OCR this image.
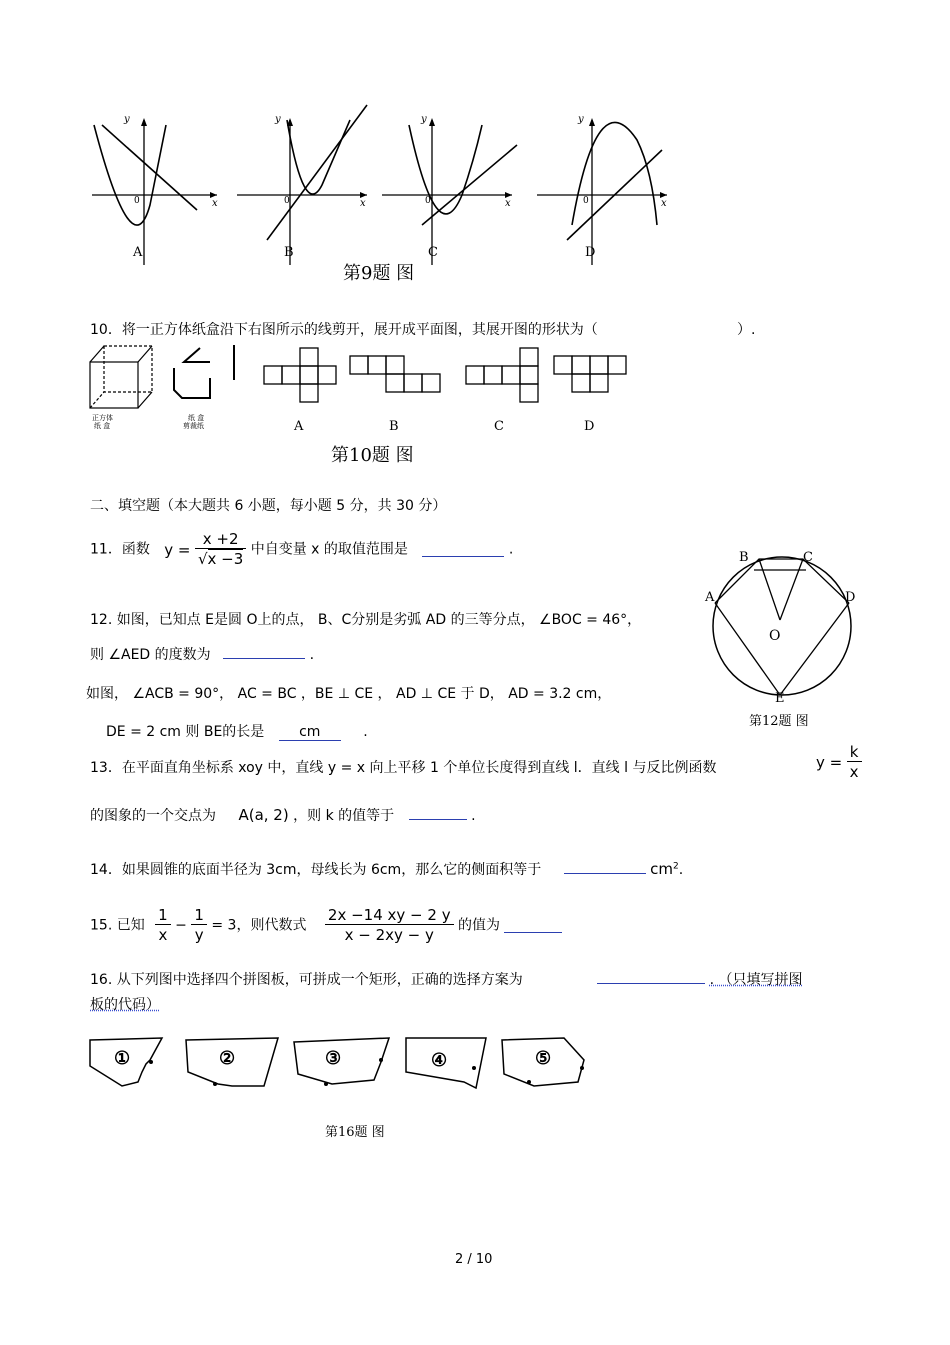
y
x
0
y
x
0
y
x
0
y
x
0
A	B	C	D
第9题 图
10．将一正方体纸盒沿下右图所示的线剪开，展开成平面图，其展开图的形状为（	）.
正方体
纸 盒
纸 盒
剪裁纸	A	B	C	D
第10题 图
二、填空题（本大题共 6 小题，每小题 5 分，共 30 分）
11．函数 $y = \frac{x +2}{√x -3}$ 中自变量 x 的取值范围是	.
12. 如图，已知点 E是圆 O上的点， B、C分别是劣弧 AD 的三等分点， ∠BOC = 46°，
则 ∠AED 的度数为	.
B	C
A	D
O
E
第12题 图
如图， ∠ACB = 90°， AC = BC ，BE ⊥ CE ， AD ⊥ CE 于 D， AD = 3.2 cm，
DE = 2 cm 则 BE的长是 cm	.
13．在平面直角坐标系 xoy 中，直线 y = x 向上平移 1 个单位长度得到直线 l．直线 l 与反比例函数	$y = \frac{k}{x}$
的图象的一个交点为 A(a, 2) ，则 k 的值等于	.
14．如果圆锥的底面半径为 3cm，母线长为 6cm，那么它的侧面积等于	$cm^2$.
15. 已知 $\frac{1}{x} - \frac{1}{y} = 3$，则代数式 $\frac{2x -14 xy - 2 y}{x - 2xy - y}$ 的值为
16. 从下列图中选择四个拼图板，可拼成一个矩形，正确的选择方案为	. （只填写拼图
板的代码）
①	②	③	④	⑤
第16题 图
2 / 10
